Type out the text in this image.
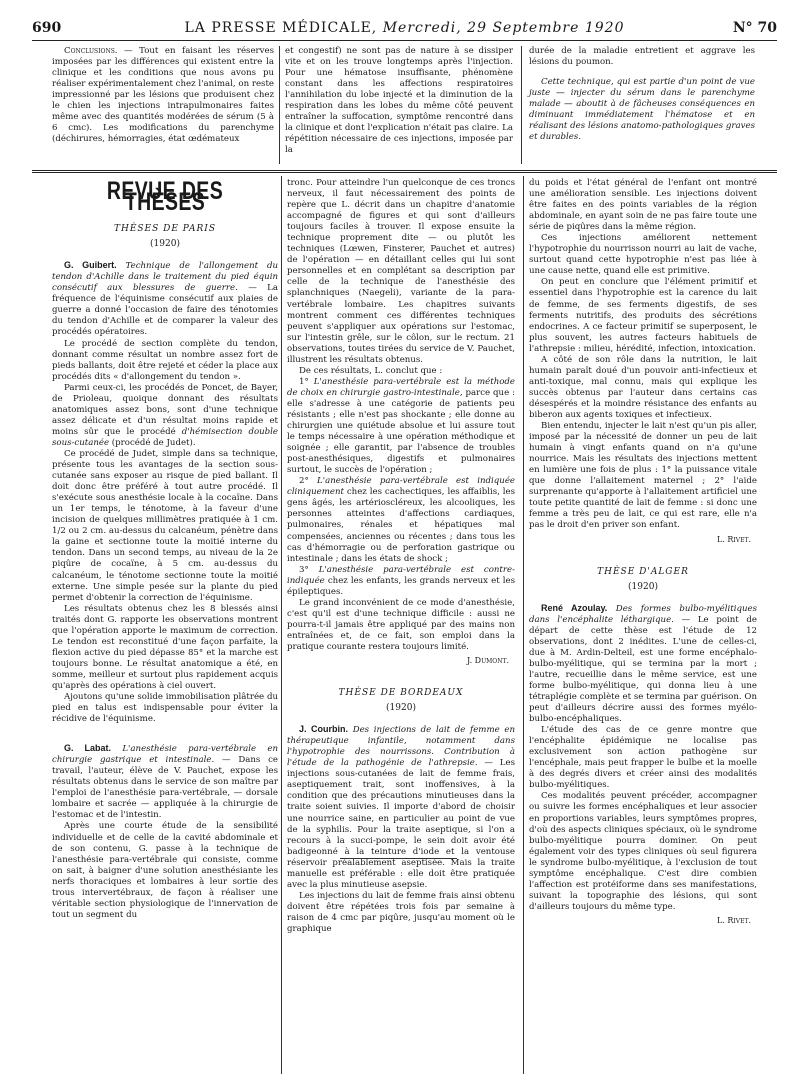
690	LA PRESSE MÉDICALE, Mercredi, 29 Septembre 1920	N° 70

Conclusions. — Tout en faisant les réserves imposées par les différences qui existent entre la clinique et les conditions que nous avons pu réaliser expérimentalement chez l'animal, on reste impressionné par les lésions que produisent chez le chien les injections intrapulmonaires faites même avec des quantités modérées de sérum (5 à 6 cmc). Les modifications du parenchyme (déchirures, hémorragies, état œdémateux

et congestif) ne sont pas de nature à se dissiper vite et on les trouve longtemps après l'injection. Pour une hématose insuffisante, phénomène constant dans les affections respiratoires l'annihilation du lobe injecté et la diminution de la respiration dans les lobes du même côté peuvent entraîner la suffocation, symptôme rencontré dans la clinique et dont l'explication n'était pas claire. La répétition nécessaire de ces injections, imposée par la

durée de la maladie entretient et aggrave les lésions du poumon.

Cette technique, qui est partie d'un point de vue juste — injecter du sérum dans le parenchyme malade — aboutit à de fâcheuses conséquences en diminuant immédiatement l'hématose et en réalisant des lésions anatomo-pathologiques graves et durables.

REVUE DES THÈSES
THÈSES DE PARIS
(1920)

G. Guibert. Technique de l'allongement du tendon d'Achille dans le traitement du pied équin consécutif aux blessures de guerre. — La fréquence de l'équinisme consécutif aux plaies de guerre a donné l'occasion de faire des ténotomies du tendon d'Achille et de comparer la valeur des procédés opératoires.

Le procédé de section complète du tendon, donnant comme résultat un nombre assez fort de pieds ballants, doit être rejeté et céder la place aux procédés dits « d'allongement du tendon ».

Parmi ceux-ci, les procédés de Poncet, de Bayer, de Prioleau, quoique donnant des résultats anatomiques assez bons, sont d'une technique assez délicate et d'un résultat moins rapide et moins sûr que le procédé d'hémisection double sous-cutanée (procédé de Judet).

Ce procédé de Judet, simple dans sa technique, présente tous les avantages de la section sous-cutanée sans exposer au risque de pied ballant. Il doit donc être préféré à tout autre procédé. Il s'exécute sous anesthésie locale à la cocaïne. Dans un 1er temps, le ténotome, à la faveur d'une incision de quelques millimètres pratiquée à 1 cm. 1/2 ou 2 cm. au-dessus du calcanéum, pénètre dans la gaine et sectionne toute la moitié interne du tendon. Dans un second temps, au niveau de la 2e piqûre de cocaïne, à 5 cm. au-dessus du calcanéum, le ténotome sectionne toute la moitié externe. Une simple pesée sur la plante du pied permet d'obtenir la correction de l'équinisme.

Les résultats obtenus chez les 8 blessés ainsi traités dont G. rapporte les observations montrent que l'opération apporte le maximum de correction. Le tendon est reconstitué d'une façon parfaite, la flexion active du pied dépasse 85° et la marche est toujours bonne. Le résultat anatomique a été, en somme, meilleur et surtout plus rapidement acquis qu'après des opérations à ciel ouvert.

Ajoutons qu'une solide immobilisation plâtrée du pied en talus est indispensable pour éviter la récidive de l'équinisme.

G. Labat. L'anesthésie para-vertébrale en chirurgie gastrique et intestinale. — Dans ce travail, l'auteur, élève de V. Pauchet, expose les résultats obtenus dans le service de son maître par l'emploi de l'anesthésie para-vertébrale, — dorsale lombaire et sacrée — appliquée à la chirurgie de l'estomac et de l'intestin.

Après une courte étude de la sensibilité individuelle et de celle de la cavité abdominale et de son contenu, G. passe à la technique de l'anesthésie para-vertébrale qui consiste, comme on sait, à baigner d'une solution anesthésiante les nerfs thoraciques et lombaires à leur sortie des trous intervertébraux, de façon à réaliser une véritable section physiologique de l'innervation de tout un segment du

tronc. Pour atteindre l'un quelconque de ces troncs nerveux, il faut nécessairement des points de repère que L. décrit dans un chapitre d'anatomie accompagné de figures et qui sont d'ailleurs toujours faciles à trouver. Il expose ensuite la technique proprement dite — ou plutôt les techniques (Lœwen, Finsterer, Pauchet et autres) de l'opération — en détaillant celles qui lui sont personnelles et en complétant sa description par celle de la technique de l'anesthésie des splanchniques (Naegeli), variante de la para-vertébrale lombaire. Les chapitres suivants montrent comment ces différentes techniques peuvent s'appliquer aux opérations sur l'estomac, sur l'intestin grêle, sur le côlon, sur le rectum. 21 observations, toutes tirées du service de V. Pauchet, illustrent les résultats obtenus.

De ces résultats, L. conclut que :

1° L'anesthésie para-vertébrale est la méthode de choix en chirurgie gastro-intestinale, parce que : elle s'adresse à une catégorie de patients peu résistants ; elle n'est pas shockante ; elle donne au chirurgien une quiétude absolue et lui assure tout le temps nécessaire à une opération méthodique et soignée ; elle garantit, par l'absence de troubles post-anesthésiques, digestifs et pulmonaires surtout, le succès de l'opération ;

2° L'anesthésie para-vertébrale est indiquée cliniquement chez les cachectiques, les affaiblis, les gens âgés, les artérioscléreux, les alcooliques, les personnes atteintes d'affections cardiaques, pulmonaires, rénales et hépatiques mal compensées, anciennes ou récentes ; dans tous les cas d'hémorragie ou de perforation gastrique ou intestinale ; dans les états de shock ;

3° L'anesthésie para-vertébrale est contre-indiquée chez les enfants, les grands nerveux et les épileptiques.

Le grand inconvénient de ce mode d'anesthésie, c'est qu'il est d'une technique difficile : aussi ne pourra-t-il jamais être appliqué par des mains non entraînées et, de ce fait, son emploi dans la pratique courante restera toujours limité.

J. Dumont.
THÈSE DE BORDEAUX
(1920)

J. Courbin. Des injections de lait de femme en thérapeutique infantile, notamment dans l'hypotrophie des nourrissons. Contribution à l'étude de la pathogénie de l'athrepsie. — Les injections sous-cutanées de lait de femme frais, aseptiquement trait, sont inoffensives, à la condition que des précautions minutieuses dans la traite soient suivies. Il importe d'abord de choisir une nourrice saine, en particulier au point de vue de la syphilis. Pour la traite aseptique, si l'on a recours à la succi-pompe, le sein doit avoir été badigeonné à la teinture d'iode et la ventouse réservoir préalablement aseptisée. Mais la traite manuelle est préférable : elle doit être pratiquée avec la plus minutieuse asepsie.

Les injections du lait de femme frais ainsi obtenu doivent être répétées trois fois par semaine à raison de 4 cmc par piqûre, jusqu'au moment où le graphique

du poids et l'état général de l'enfant ont montré une amélioration sensible. Les injections doivent être faites en des points variables de la région abdominale, en ayant soin de ne pas faire toute une série de piqûres dans la même région.

Ces injections améliorent nettement l'hypotrophie du nourrisson nourri au lait de vache, surtout quand cette hypotrophie n'est pas liée à une cause nette, quand elle est primitive.

On peut en conclure que l'élément primitif et essentiel dans l'hypotrophie est la carence du lait de femme, de ses ferments digestifs, de ses ferments nutritifs, des produits des sécrétions endocrines. A ce facteur primitif se superposent, le plus souvent, les autres facteurs habituels de l'athrepsie : milieu, hérédité, infection, intoxication.

A côté de son rôle dans la nutrition, le lait humain paraît doué d'un pouvoir anti-infectieux et anti-toxique, mal connu, mais qui explique les succès obtenus par l'auteur dans certains cas désespérés et la moindre résistance des enfants au biberon aux agents toxiques et infectieux.

Bien entendu, injecter le lait n'est qu'un pis aller, imposé par la nécessité de donner un peu de lait humain à vingt enfants quand on n'a qu'une nourrice. Mais les résultats des injections mettent en lumière une fois de plus : 1° la puissance vitale que donne l'allaitement maternel ; 2° l'aide surprenante qu'apporte à l'allaitement artificiel une toute petite quantité de lait de femme : si donc une femme a très peu de lait, ce qui est rare, elle n'a pas le droit d'en priver son enfant.

L. Rivet.
THÈSE D'ALGER
(1920)

René Azoulay. Des formes bulbo-myélitiques dans l'encéphalite léthargique. — Le point de départ de cette thèse est l'étude de 12 observations, dont 2 inédites. L'une de celles-ci, due à M. Ardin-Delteil, est une forme encéphalo-bulbo-myélitique, qui se termina par la mort ; l'autre, recueillie dans le même service, est une forme bulbo-myélitique, qui donna lieu à une tétraplégie complète et se termina par guérison. On peut d'ailleurs décrire aussi des formes myélo-bulbo-encéphaliques.

L'étude des cas de ce genre montre que l'encéphalite épidémique ne localise pas exclusivement son action pathogène sur l'encéphale, mais peut frapper le bulbe et la moelle à des degrés divers et créer ainsi des modalités bulbo-myélitiques.

Ces modalités peuvent précéder, accompagner ou suivre les formes encéphaliques et leur associer en proportions variables, leurs symptômes propres, d'où des aspects cliniques spéciaux, où le syndrome bulbo-myélitique pourra dominer. On peut également voir des types cliniques où seul figurera le syndrome bulbo-myélitique, à l'exclusion de tout symptôme encéphalique. C'est dire combien l'affection est protéiforme dans ses manifestations, suivant la topographie des lésions, qui sont d'ailleurs toujours du même type.

L. Rivet.
